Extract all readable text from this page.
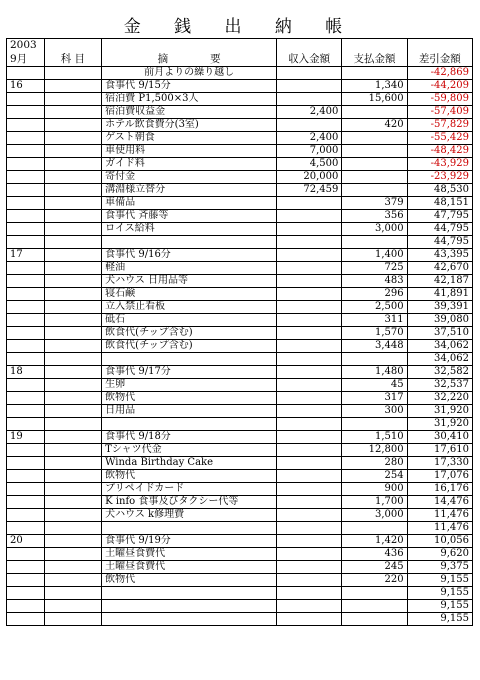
金 銭 出 納 帳
2003					
9月	科 目	摘　　　　要	収入金額	支払金額	差引金額
		前月よりの繰り越し			-42,869
16		食事代 9/15分		1,340	-44,209
		宿泊費 P1,500×3人		15,600	-59,809
		宿泊費収益金	2,400		-57,409
		ホテル飲食費分(3室)		420	-57,829
		ゲスト朝食	2,400		-55,429
		車使用料	7,000		-48,429
		ガイド料	4,500		-43,929
		寄付金	20,000		-23,929
		溝淵様立替分	72,459		48,530
		車備品		379	48,151
		食事代 斉藤等		356	47,795
		ロイス給料		3,000	44,795
					44,795
17		食事代 9/16分		1,400	43,395
		軽油		725	42,670
		犬ハウス 日用品等		483	42,187
		寝石鹸		296	41,891
		立入禁止看板		2,500	39,391
		砥石		311	39,080
		飲食代(チップ含む)		1,570	37,510
		飲食代(チップ含む)		3,448	34,062
					34,062
18		食事代 9/17分		1,480	32,582
		生卵		45	32,537
		飲物代		317	32,220
		日用品		300	31,920
					31,920
19		食事代 9/18分		1,510	30,410
		Tシャツ代金		12,800	17,610
		Winda Birthday Cake		280	17,330
		飲物代		254	17,076
		プリペイドカード		900	16,176
		K info 食事及びタクシー代等		1,700	14,476
		犬ハウス k修理費		3,000	11,476
					11,476
20		食事代 9/19分		1,420	10,056
		土曜昼食費代		436	9,620
		土曜昼食費代		245	9,375
		飲物代		220	9,155
					9,155
					9,155
					9,155
